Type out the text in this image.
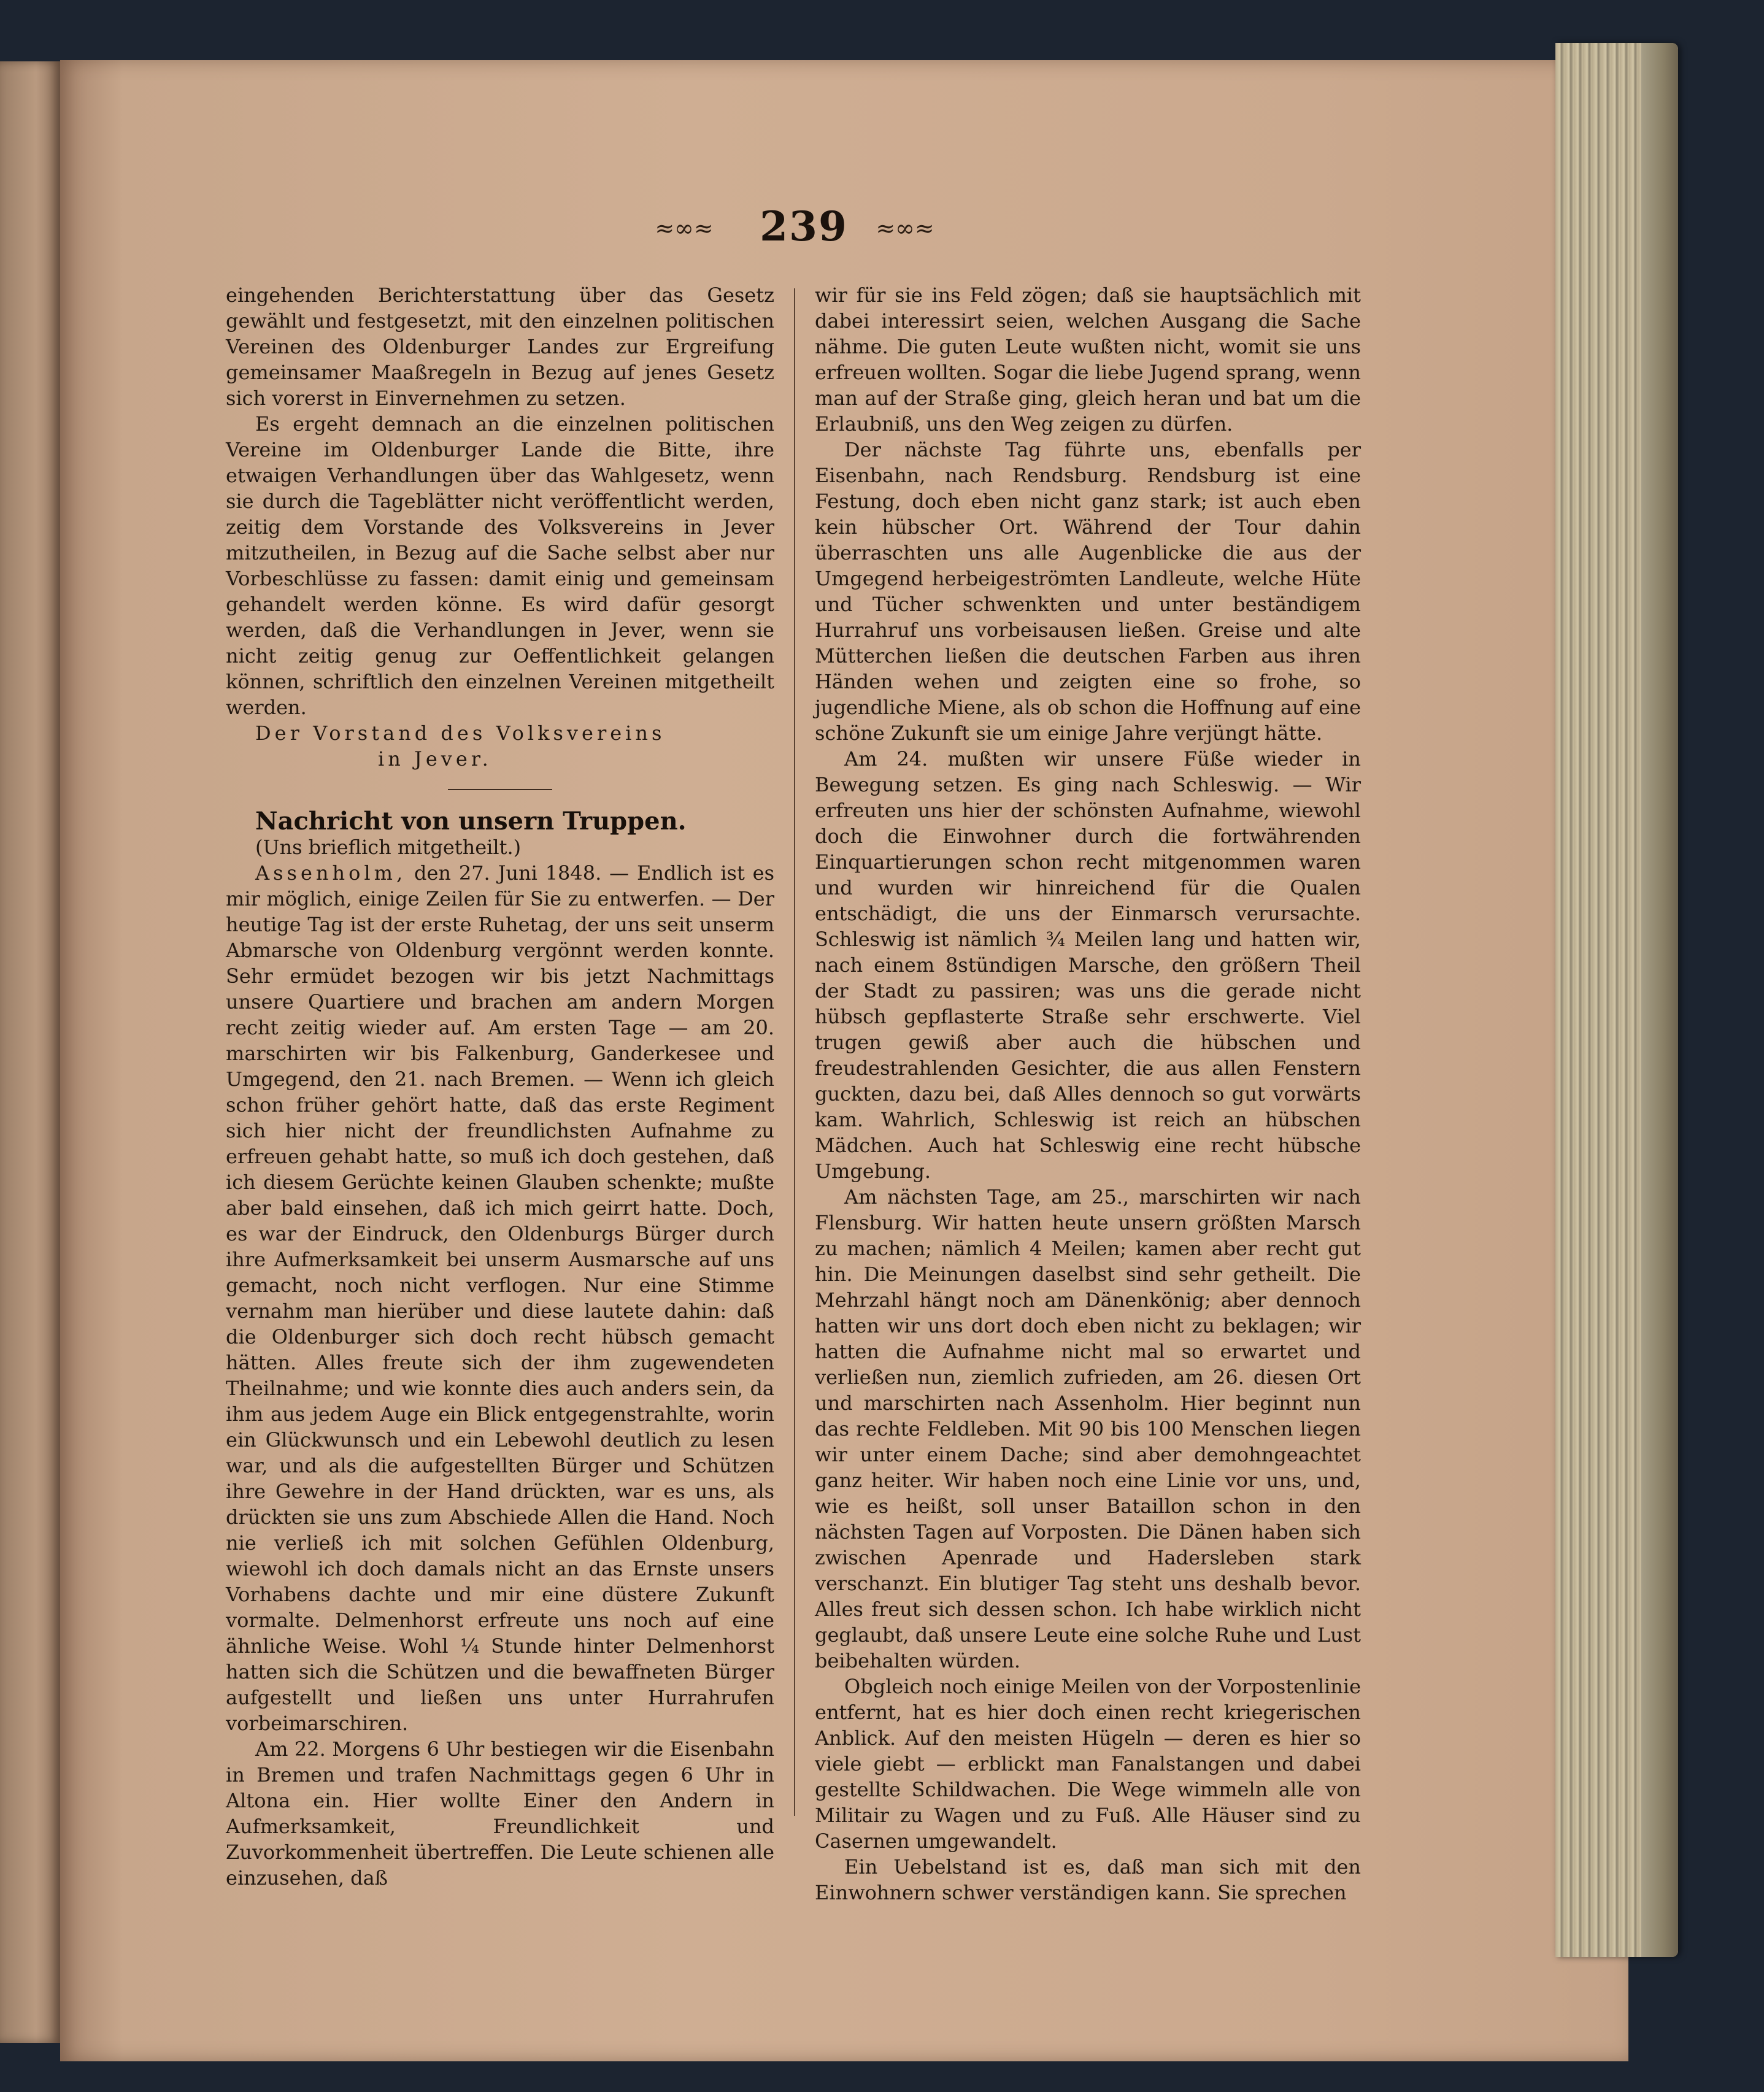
≈∞≈	239	≈∞≈

eingehenden Berichterstattung über das Gesetz gewählt und festgesetzt, mit den einzelnen politischen Vereinen des Oldenburger Landes zur Ergreifung gemeinsamer Maaßregeln in Bezug auf jenes Gesetz sich vorerst in Einvernehmen zu setzen.

Es ergeht demnach an die einzelnen politischen Vereine im Oldenburger Lande die Bitte, ihre etwaigen Verhandlungen über das Wahlgesetz, wenn sie durch die Tageblätter nicht veröffentlicht werden, zeitig dem Vorstande des Volksvereins in Jever mitzutheilen, in Bezug auf die Sache selbst aber nur Vorbeschlüsse zu fassen: damit einig und gemeinsam gehandelt werden könne. Es wird dafür gesorgt werden, daß die Verhandlungen in Jever, wenn sie nicht zeitig genug zur Oeffentlichkeit gelangen können, schriftlich den einzelnen Vereinen mitgetheilt werden.

Der Vorstand des Volksvereins

in Jever.

Nachricht von unsern Truppen.

(Uns brieflich mitgetheilt.)

Assenholm, den 27. Juni 1848. — Endlich ist es mir möglich, einige Zeilen für Sie zu entwerfen. — Der heutige Tag ist der erste Ruhetag, der uns seit unserm Abmarsche von Oldenburg vergönnt werden konnte. Sehr ermüdet bezogen wir bis jetzt Nachmittags unsere Quartiere und brachen am andern Morgen recht zeitig wieder auf. Am ersten Tage — am 20. marschirten wir bis Falkenburg, Ganderkesee und Umgegend, den 21. nach Bremen. — Wenn ich gleich schon früher gehört hatte, daß das erste Regiment sich hier nicht der freundlichsten Aufnahme zu erfreuen gehabt hatte, so muß ich doch gestehen, daß ich diesem Gerüchte keinen Glauben schenkte; mußte aber bald einsehen, daß ich mich geirrt hatte. Doch, es war der Eindruck, den Oldenburgs Bürger durch ihre Aufmerksamkeit bei unserm Ausmarsche auf uns gemacht, noch nicht verflogen. Nur eine Stimme vernahm man hierüber und diese lautete dahin: daß die Oldenburger sich doch recht hübsch gemacht hätten. Alles freute sich der ihm zugewendeten Theilnahme; und wie konnte dies auch anders sein, da ihm aus jedem Auge ein Blick entgegenstrahlte, worin ein Glückwunsch und ein Lebewohl deutlich zu lesen war, und als die aufgestellten Bürger und Schützen ihre Gewehre in der Hand drückten, war es uns, als drückten sie uns zum Abschiede Allen die Hand. Noch nie verließ ich mit solchen Gefühlen Oldenburg, wiewohl ich doch damals nicht an das Ernste unsers Vorhabens dachte und mir eine düstere Zukunft vormalte. Delmenhorst erfreute uns noch auf eine ähnliche Weise. Wohl ¼ Stunde hinter Delmenhorst hatten sich die Schützen und die bewaffneten Bürger aufgestellt und ließen uns unter Hurrahrufen vorbeimarschiren.

Am 22. Morgens 6 Uhr bestiegen wir die Eisenbahn in Bremen und trafen Nachmittags gegen 6 Uhr in Altona ein. Hier wollte Einer den Andern in Aufmerksamkeit, Freundlichkeit und Zuvorkommenheit übertreffen. Die Leute schienen alle einzusehen, daß

wir für sie ins Feld zögen; daß sie hauptsächlich mit dabei interessirt seien, welchen Ausgang die Sache nähme. Die guten Leute wußten nicht, womit sie uns erfreuen wollten. Sogar die liebe Jugend sprang, wenn man auf der Straße ging, gleich heran und bat um die Erlaubniß, uns den Weg zeigen zu dürfen.

Der nächste Tag führte uns, ebenfalls per Eisenbahn, nach Rendsburg. Rendsburg ist eine Festung, doch eben nicht ganz stark; ist auch eben kein hübscher Ort. Während der Tour dahin überraschten uns alle Augenblicke die aus der Umgegend herbeigeströmten Landleute, welche Hüte und Tücher schwenkten und unter beständigem Hurrahruf uns vorbeisausen ließen. Greise und alte Mütterchen ließen die deutschen Farben aus ihren Händen wehen und zeigten eine so frohe, so jugendliche Miene, als ob schon die Hoffnung auf eine schöne Zukunft sie um einige Jahre verjüngt hätte.

Am 24. mußten wir unsere Füße wieder in Bewegung setzen. Es ging nach Schleswig. — Wir erfreuten uns hier der schönsten Aufnahme, wiewohl doch die Einwohner durch die fortwährenden Einquartierungen schon recht mitgenommen waren und wurden wir hinreichend für die Qualen entschädigt, die uns der Einmarsch verursachte. Schleswig ist nämlich ¾ Meilen lang und hatten wir, nach einem 8stündigen Marsche, den größern Theil der Stadt zu passiren; was uns die gerade nicht hübsch gepflasterte Straße sehr erschwerte. Viel trugen gewiß aber auch die hübschen und freudestrahlenden Gesichter, die aus allen Fenstern guckten, dazu bei, daß Alles dennoch so gut vorwärts kam. Wahrlich, Schleswig ist reich an hübschen Mädchen. Auch hat Schleswig eine recht hübsche Umgebung.

Am nächsten Tage, am 25., marschirten wir nach Flensburg. Wir hatten heute unsern größten Marsch zu machen; nämlich 4 Meilen; kamen aber recht gut hin. Die Meinungen daselbst sind sehr getheilt. Die Mehrzahl hängt noch am Dänenkönig; aber dennoch hatten wir uns dort doch eben nicht zu beklagen; wir hatten die Aufnahme nicht mal so erwartet und verließen nun, ziemlich zufrieden, am 26. diesen Ort und marschirten nach Assenholm. Hier beginnt nun das rechte Feldleben. Mit 90 bis 100 Menschen liegen wir unter einem Dache; sind aber demohngeachtet ganz heiter. Wir haben noch eine Linie vor uns, und, wie es heißt, soll unser Bataillon schon in den nächsten Tagen auf Vorposten. Die Dänen haben sich zwischen Apenrade und Hadersleben stark verschanzt. Ein blutiger Tag steht uns deshalb bevor. Alles freut sich dessen schon. Ich habe wirklich nicht geglaubt, daß unsere Leute eine solche Ruhe und Lust beibehalten würden.

Obgleich noch einige Meilen von der Vorpostenlinie entfernt, hat es hier doch einen recht kriegerischen Anblick. Auf den meisten Hügeln — deren es hier so viele giebt — erblickt man Fanalstangen und dabei gestellte Schildwachen. Die Wege wimmeln alle von Militair zu Wagen und zu Fuß. Alle Häuser sind zu Casernen umgewandelt.

Ein Uebelstand ist es, daß man sich mit den Einwohnern schwer verständigen kann. Sie sprechen
